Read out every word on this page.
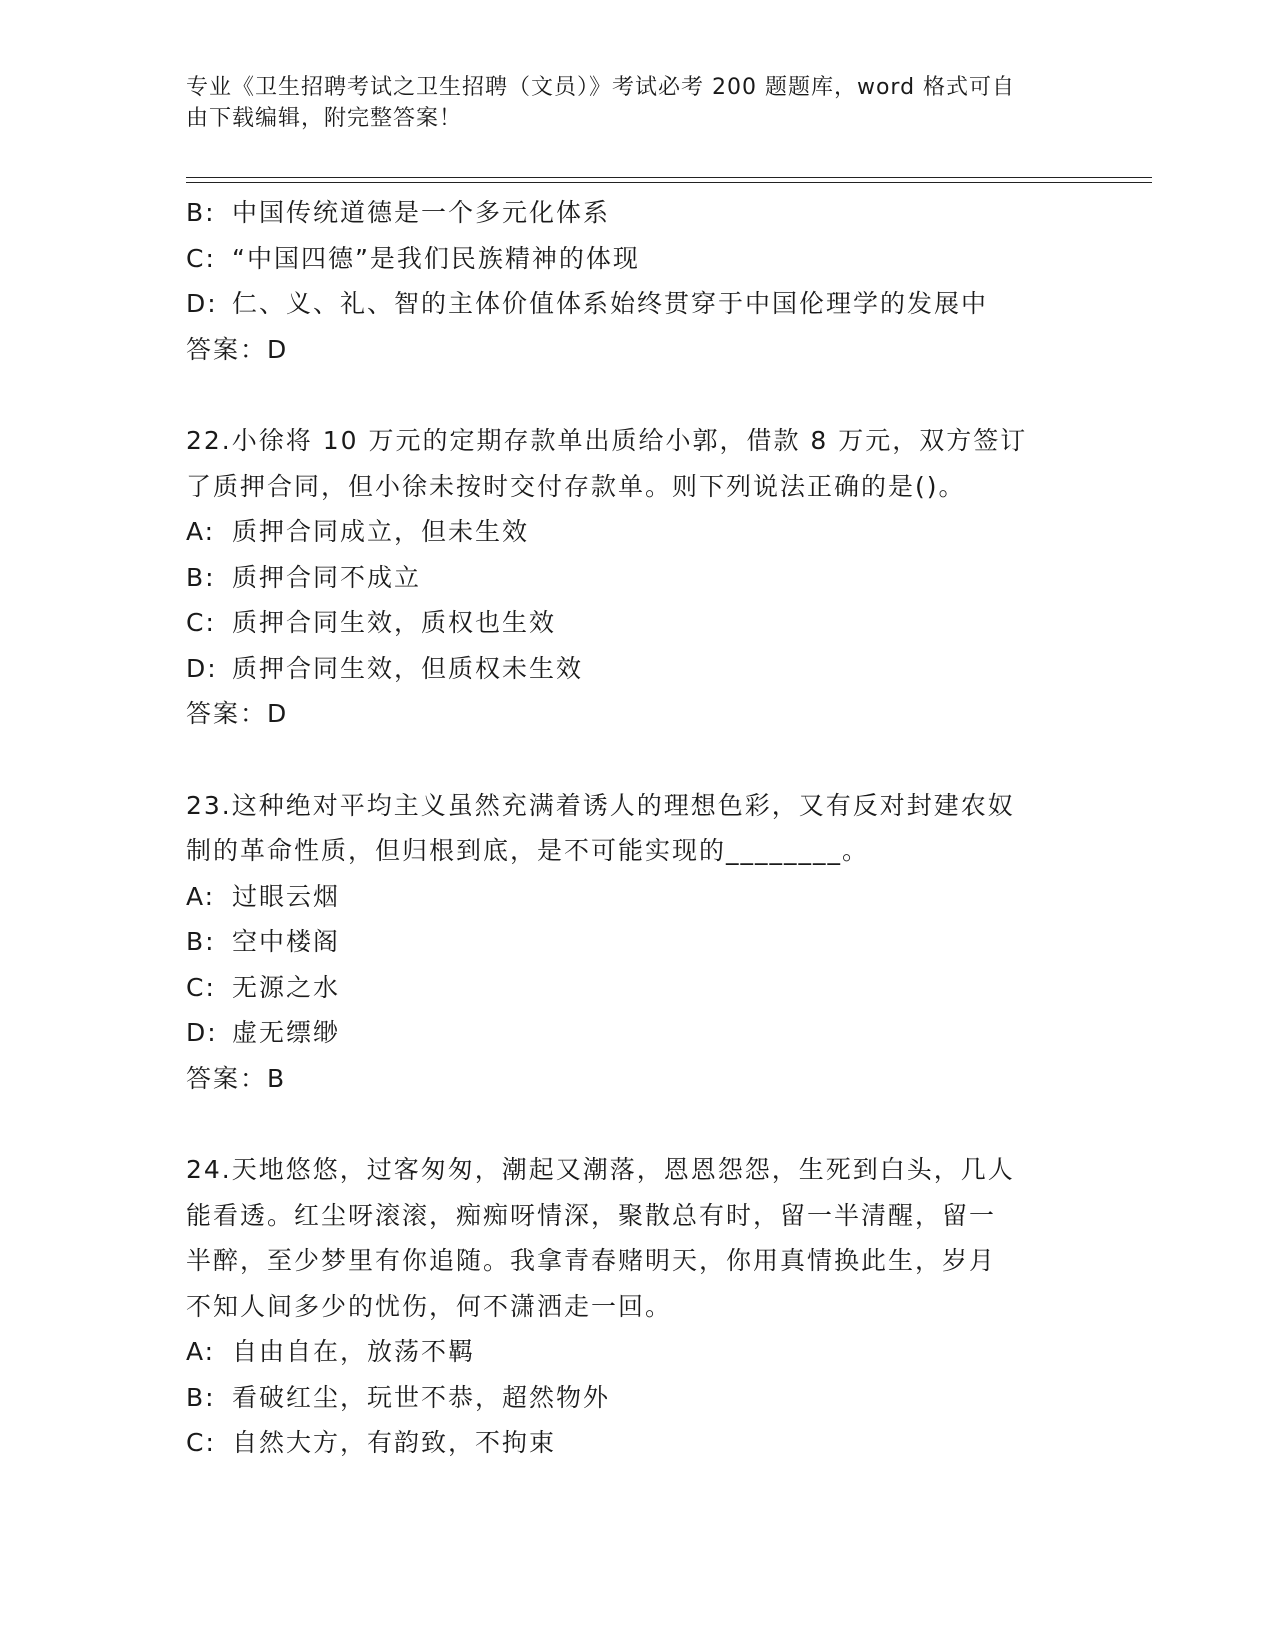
专业《卫生招聘考试之卫生招聘（文员）》考试必考 200 题题库，word 格式可自
由下载编辑，附完整答案！
B: 中国传统道德是一个多元化体系
C: “中国四德”是我们民族精神的体现
D: 仁、义、礼、智的主体价值体系始终贯穿于中国伦理学的发展中
答案：D
22.小徐将 10 万元的定期存款单出质给小郭，借款 8 万元，双方签订
了质押合同，但小徐未按时交付存款单。则下列说法正确的是()。
A: 质押合同成立，但未生效
B: 质押合同不成立
C: 质押合同生效，质权也生效
D: 质押合同生效，但质权未生效
答案：D
23.这种绝对平均主义虽然充满着诱人的理想色彩，又有反对封建农奴
制的革命性质，但归根到底，是不可能实现的________。
A: 过眼云烟
B: 空中楼阁
C: 无源之水
D: 虚无缥缈
答案：B
24.天地悠悠，过客匆匆，潮起又潮落，恩恩怨怨，生死到白头，几人
能看透。红尘呀滚滚，痴痴呀情深，聚散总有时，留一半清醒，留一
半醉，至少梦里有你追随。我拿青春赌明天，你用真情换此生，岁月
不知人间多少的忧伤，何不潇洒走一回。
A: 自由自在，放荡不羁
B: 看破红尘，玩世不恭，超然物外
C: 自然大方，有韵致，不拘束
